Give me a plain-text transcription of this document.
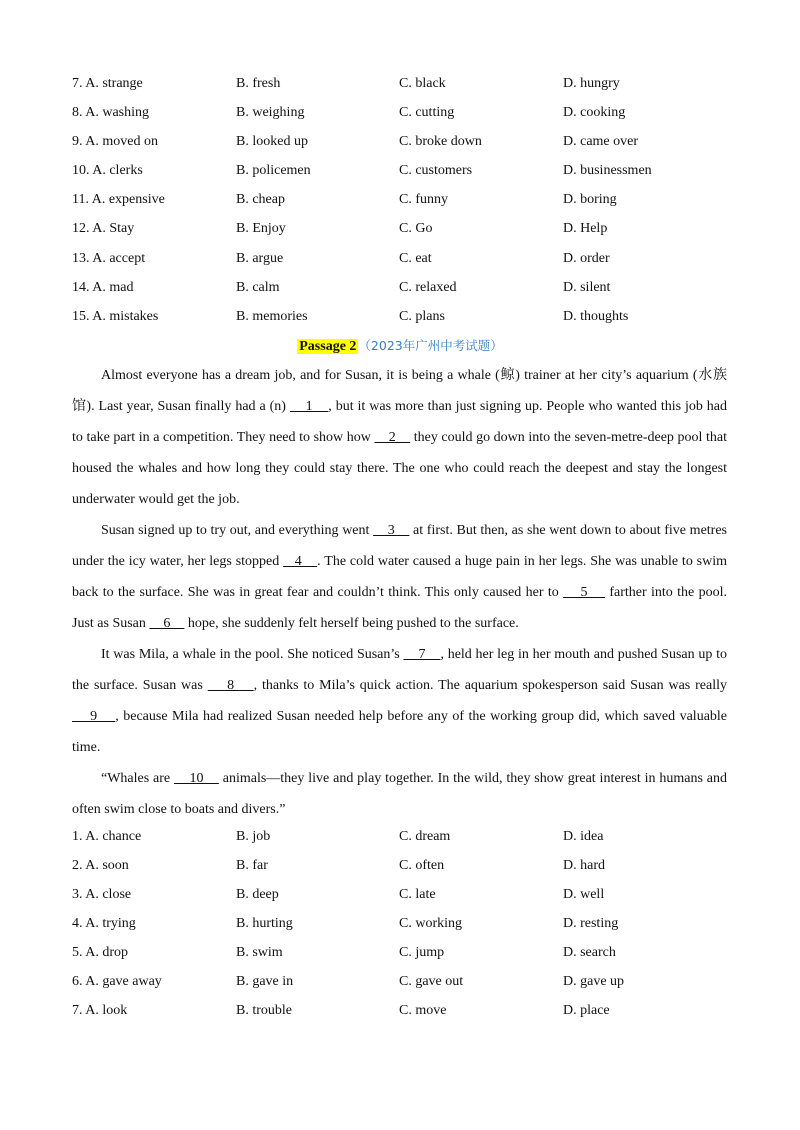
7. A. strange	B. fresh	C. black	D. hungry
8. A. washing	B. weighing	C. cutting	D. cooking
9. A. moved on	B. looked up	C. broke down	D. came over
10. A. clerks	B. policemen	C. customers	D. businessmen
11. A. expensive	B. cheap	C. funny	D. boring
12. A. Stay	B. Enjoy	C. Go	D. Help
13. A. accept	B. argue	C. eat	D. order
14. A. mad	B. calm	C. relaxed	D. silent
15. A. mistakes	B. memories	C. plans	D. thoughts
Passage 2 （2023年广州中考试题）

Almost everyone has a dream job, and for Susan, it is being a whale (鲸) trainer at her city’s aquarium (水族馆). Last year, Susan finally had a (n)     1    , but it was more than just signing up. People who wanted this job had to take part in a competition. They need to show how     2     they could go down into the seven-metre-deep pool that housed the whales and how long they could stay there. The one who could reach the deepest and stay the longest underwater would get the job.

Susan signed up to try out, and everything went     3     at first. But then, as she went down to about five metres under the icy water, her legs stopped    4    . The cold water caused a huge pain in her legs. She was unable to swim back to the surface. She was in great fear and couldn’t think. This only caused her to     5     farther into the pool. Just as Susan     6     hope, she suddenly felt herself being pushed to the surface.

It was Mila, a whale in the pool. She noticed Susan’s     7    , held her leg in her mouth and pushed Susan up to the surface. Susan was     8    , thanks to Mila’s quick action. The aquarium spokesperson said Susan was really     9    , because Mila had realized Susan needed help before any of the working group did, which saved valuable time.

“Whales are     10     animals—they live and play together. In the wild, they show great interest in humans and often swim close to boats and divers.”

1. A. chance	B. job	C. dream	D. idea
2. A. soon	B. far	C. often	D. hard
3. A. close	B. deep	C. late	D. well
4. A. trying	B. hurting	C. working	D. resting
5. A. drop	B. swim	C. jump	D. search
6. A. gave away	B. gave in	C. gave out	D. gave up
7. A. look	B. trouble	C. move	D. place
